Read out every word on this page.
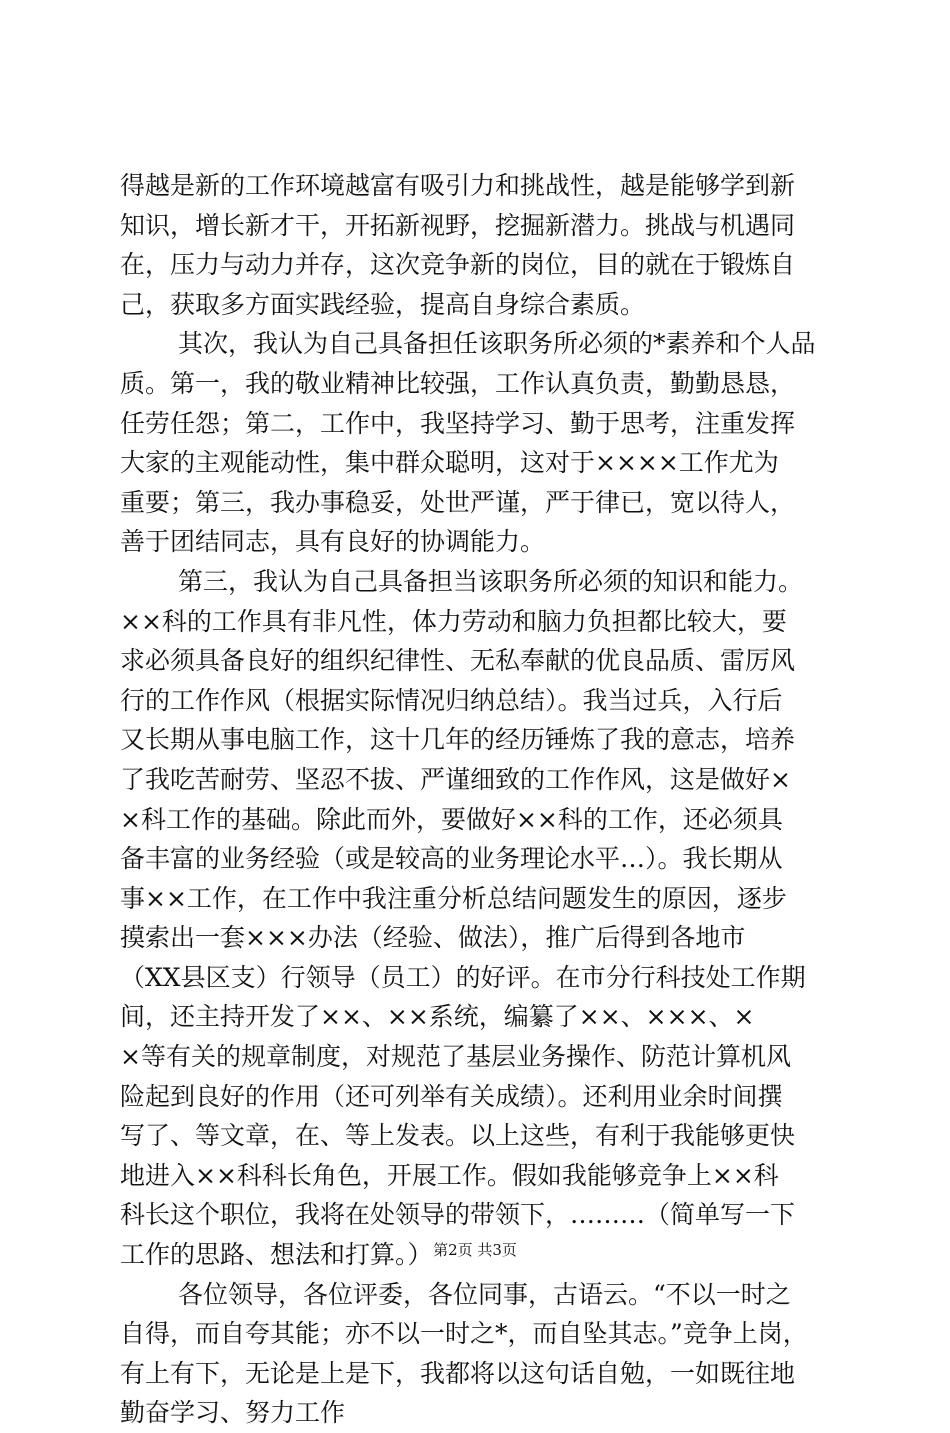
得越是新的工作环境越富有吸引力和挑战性，越是能够学到新
知识，增长新才干，开拓新视野，挖掘新潜力。挑战与机遇同
在，压力与动力并存，这次竞争新的岗位，目的就在于锻炼自
己，获取多方面实践经验，提高自身综合素质。
其次，我认为自己具备担任该职务所必须的*素养和个人品
质。第一，我的敬业精神比较强，工作认真负责，勤勤恳恳，
任劳任怨；第二，工作中，我坚持学习、勤于思考，注重发挥
大家的主观能动性，集中群众聪明，这对于××××工作尤为
重要；第三，我办事稳妥，处世严谨，严于律已，宽以待人，
善于团结同志，具有良好的协调能力。
第三，我认为自己具备担当该职务所必须的知识和能力。
××科的工作具有非凡性，体力劳动和脑力负担都比较大，要
求必须具备良好的组织纪律性、无私奉献的优良品质、雷厉风
行的工作作风（根据实际情况归纳总结）。我当过兵，入行后
又长期从事电脑工作，这十几年的经历锤炼了我的意志，培养
了我吃苦耐劳、坚忍不拔、严谨细致的工作作风，这是做好×
×科工作的基础。除此而外，要做好××科的工作，还必须具
备丰富的业务经验（或是较高的业务理论水平…）。我长期从
事××工作，在工作中我注重分析总结问题发生的原因，逐步
摸索出一套×××办法（经验、做法），推广后得到各地市
（XX县区支）行领导（员工）的好评。在市分行科技处工作期
间，还主持开发了××、××系统，编纂了××、×××、×
×等有关的规章制度，对规范了基层业务操作、防范计算机风
险起到良好的作用（还可列举有关成绩）。还利用业余时间撰
写了、等文章，在、等上发表。以上这些，有利于我能够更快
地进入××科科长角色，开展工作。假如我能够竞争上××科
科长这个职位，我将在处领导的带领下，………（简单写一下
工作的思路、想法和打算。）
各位领导，各位评委，各位同事，古语云。“不以一时之
自得，而自夸其能；亦不以一时之*，而自坠其志。”竞争上岗，
有上有下，无论是上是下，我都将以这句话自勉，一如既往地
勤奋学习、努力工作
第2页 共3页
